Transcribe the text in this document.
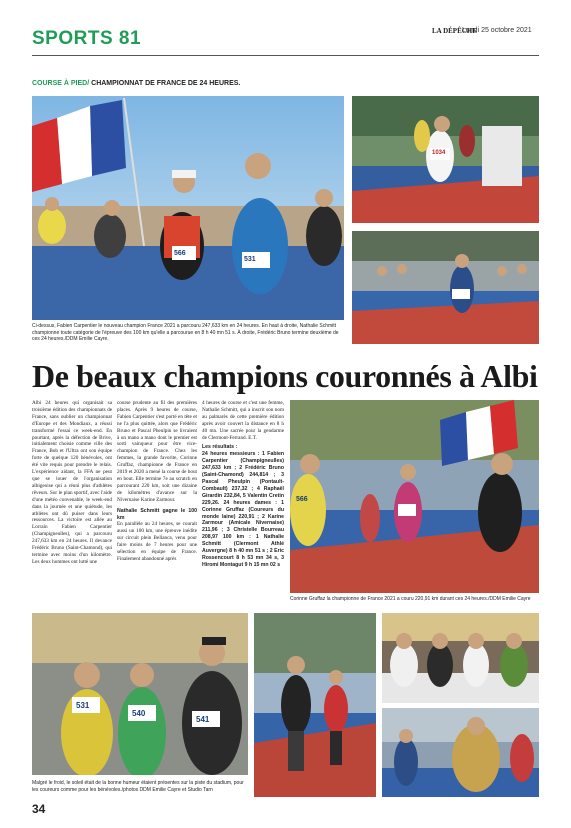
SPORTS 81	LA DÉPÊCHE
Lundi 25 octobre 2021
COURSE À PIED/ CHAMPIONNAT DE FRANCE DE 24 HEURES.
566
531
1034
Ci-dessus, Fabien Carpentier le nouveau champion France 2021 a parcouru 247,633 km en 24 heures. En haut à droite, Nathalie Schmitt championne toute catégorie de l'épreuve des 100 km qu'elle a parcourue en 8 h 40 mn 51 s. À droite, Frédéric Bruno termine deuxième de ces 24 heures./DDM Emilie Cayre.
De beaux champions couronnés à Albi

Albi 24 heures qui organisait sa troisième édition des championnats de France, sans oublier un championnat d'Europe et des Mondiaux, a réussi transformé l'essai ce week-end. En pourtant, après la défection de Brive, initialement choisie comme ville des France, Bob et l'Ultra ont son équipe forte de quelque 120 bénévoles, ont été vite requis pour prendre le relais. L'expérience aidant, la FFA ne peut que se louer de l'organisation albigeoise qui a réuni plus d'athlètes rêveurs. Sur le plan sportif, avec l'aide d'une météo convenable, le week-end dans la journée et une quiétude, les athlètes ont dû puiser dans leurs ressources. La victoire est allée au Lorrain Fabien Carpentier (Champigneulles), qui a parcouru 247,633 km en 24 heures. Il devance Frédéric Bruno (Saint-Chamond), qui termine avec moins d'un kilomètre. Les deux hommes ont lutté une

course prudente au fil des premières places. Après 9 heures de course, Fabien Carpentier s'est porté en tête et ne l'a plus quittée, alors que Frédéric Bruno et Pascal Pheulpin se livraient à un mano a mano dont le premier est sorti vainqueur pour être vice-champion de France. Chez les femmes, la grande favorite, Corinne Gruffaz, championne de France en 2019 et 2020 a mené la course de bout en bout. Elle termine 7e au scratch en parcourant 220 km, soit une dizaine de kilomètres d'avance sur la Nivernaise Karine Zarmour.

Nathalie Schmitt gagne le 100 km

En parallèle au 24 heures, se courait aussi un 100 km, une épreuve inédite sur circuit plein Bellanca, venu pour faire moins de 7 heures pour une sélection en équipe de France. Finalement abandonné après

4 heures de course et c'est une femme, Nathalie Schmitt, qui a inscrit son nom au palmarès de cette première édition après avoir couvert la distance en 8 h 40 mn. Une sacrée pour la gendarme de Clermont-Ferrand. E.T.

Les résultats :

24 heures messieurs : 1 Fabien Carpentier (Champigneulles) 247,633 km ; 2 Frédéric Bruno (Saint-Chamond) 244,814 ; 3 Pascal Pheulpin (Pontault-Combault) 237,32 ; 4 Raphaël Girardin 232,84, 5 Valentin Cretin 229,26. 24 heures dames : 1 Corinne Gruffaz (Coureurs du monde laine) 220,91 ; 2 Karine Zarmour (Amicale Nivernaise) 211,96 ; 3 Christelle Bourreau 208,97 100 km : 1 Nathalie Schmitt (Clermont Athlé Auvergne) 8 h 40 mn 51 s ; 2 Eric Rossencourt 8 h 53 mn 34 s, 3 Hiromi Montagut 9 h 15 mn 02 s

566
Corinne Gruffaz la championne de France 2021 a couru 220,91 km durant ces 24 heures./DDM Emilie Cayre
531
540
541
Malgré le froid, le soleil était de la bonne humeur étaient présentes sur la piste du stadium, pour les coureurs comme pour les bénévoles./photos DDM Emilie Cayre et Studio Tarn
34
